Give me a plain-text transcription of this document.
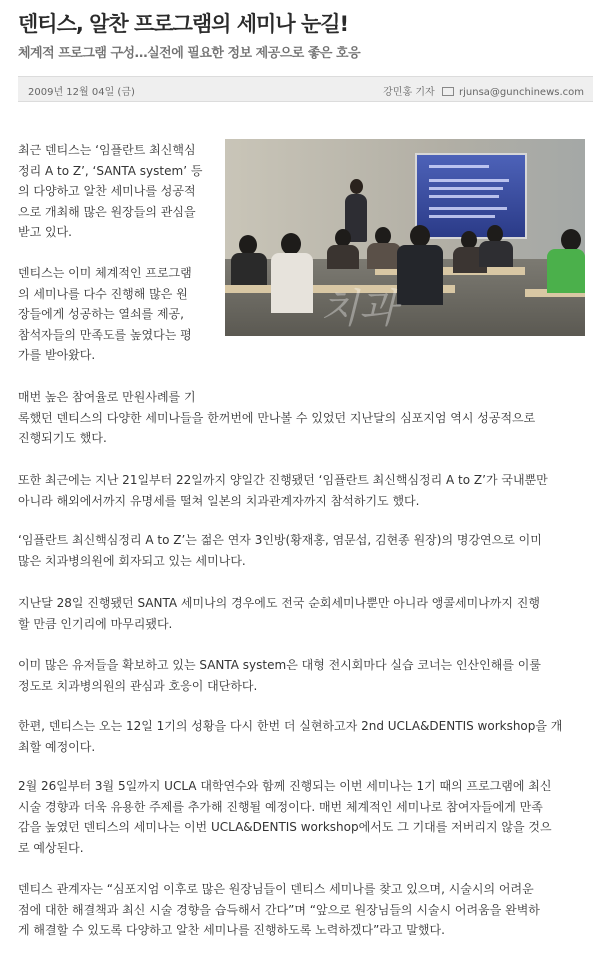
덴티스, 알찬 프로그램의 세미나 눈길!
체계적 프로그램 구성…실전에 필요한 정보 제공으로 좋은 호응
2009년 12월 04일 (금)	강민홍 기자 rjunsa@gunchinews.com
치과

최근 덴티스는 ‘임플란트 최신핵심
정리 A to Z’, ‘SANTA system’ 등
의 다양하고 알찬 세미나를 성공적
으로 개최해 많은 원장들의 관심을
받고 있다.

덴티스는 이미 체계적인 프로그램
의 세미나를 다수 진행해 많은 원
장들에게 성공하는 열쇠를 제공,
참석자들의 만족도를 높였다는 평
가를 받아왔다.

매번 높은 참여율로 만원사례를 기
록했던 덴티스의 다양한 세미나들을 한꺼번에 만나볼 수 있었던 지난달의 심포지엄 역시 성공적으로
진행되기도 했다.

또한 최근에는 지난 21일부터 22일까지 양일간 진행됐던 ‘임플란트 최신핵심정리 A to Z’가 국내뿐만
아니라 해외에서까지 유명세를 떨쳐 일본의 치과관계자까지 참석하기도 했다.

‘임플란트 최신핵심정리 A to Z’는 젊은 연자 3인방(황재홍, 염문섭, 김현종 원장)의 명강연으로 이미
많은 치과병의원에 회자되고 있는 세미나다.

지난달 28일 진행됐던 SANTA 세미나의 경우에도 전국 순회세미나뿐만 아니라 앵콜세미나까지 진행
할 만큼 인기리에 마무리됐다.

이미 많은 유저들을 확보하고 있는 SANTA system은 대형 전시회마다 실습 코너는 인산인해를 이룰
정도로 치과병의원의 관심과 호응이 대단하다.

한편, 덴티스는 오는 12일 1기의 성황을 다시 한번 더 실현하고자 2nd UCLA&DENTIS workshop을 개
최할 예정이다.

2월 26일부터 3월 5일까지 UCLA 대학연수와 함께 진행되는 이번 세미나는 1기 때의 프로그램에 최신
시술 경향과 더욱 유용한 주제를 추가해 진행될 예정이다. 매번 체계적인 세미나로 참여자들에게 만족
감을 높였던 덴티스의 세미나는 이번 UCLA&DENTIS workshop에서도 그 기대를 저버리지 않을 것으
로 예상된다.

덴티스 관계자는 “심포지엄 이후로 많은 원장님들이 덴티스 세미나를 찾고 있으며, 시술시의 어려운
점에 대한 해결책과 최신 시술 경향을 습득해서 간다”며 “앞으로 원장님들의 시술시 어려움을 완벽하
게 해결할 수 있도록 다양하고 알찬 세미나를 진행하도록 노력하겠다”라고 말했다.
